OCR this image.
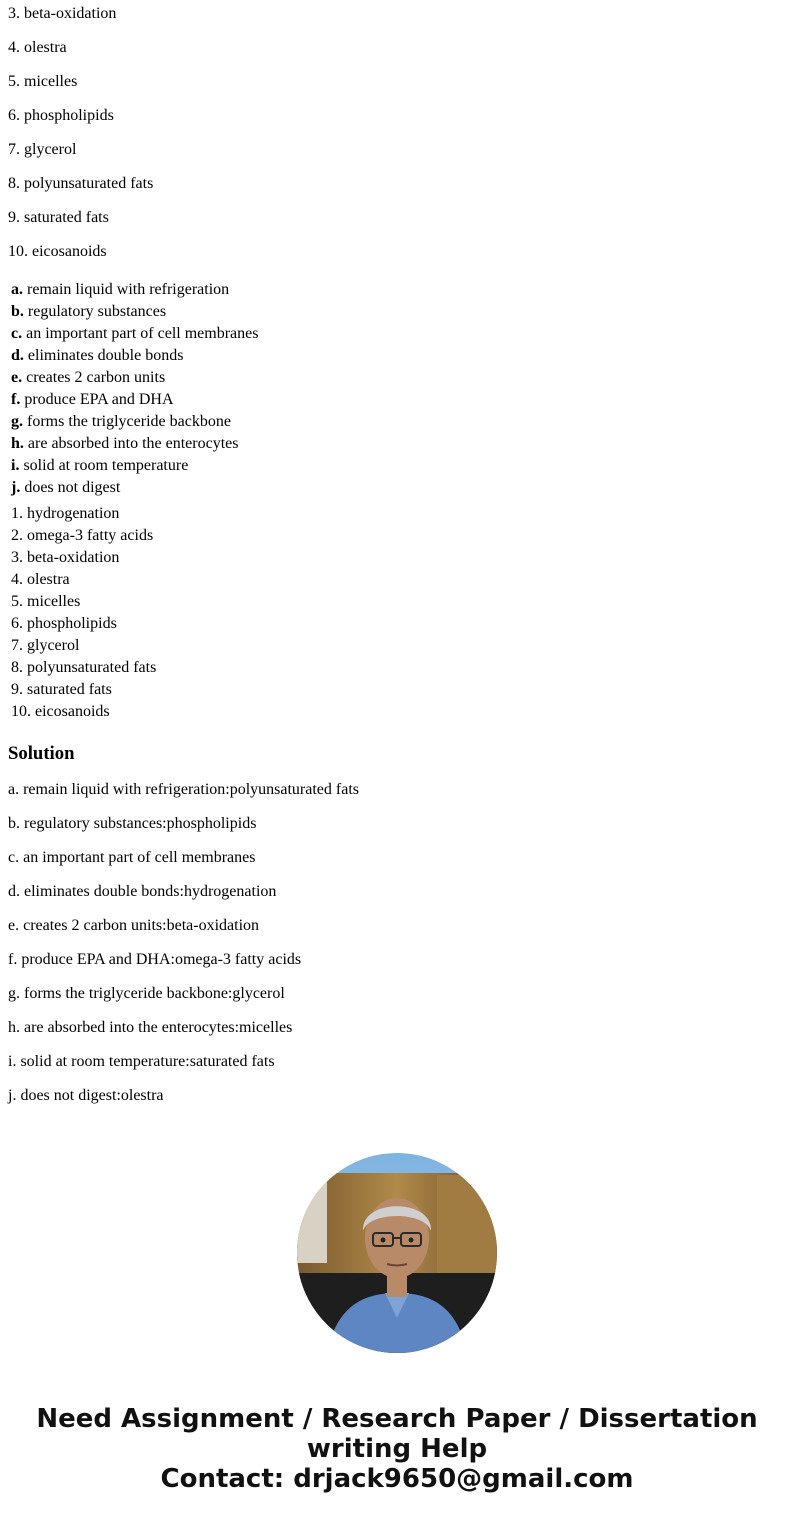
3. beta-oxidation
4. olestra
5. micelles
6. phospholipids
7. glycerol
8. polyunsaturated fats
9. saturated fats
10. eicosanoids
a. remain liquid with refrigeration
b. regulatory substances
c. an important part of cell membranes
d. eliminates double bonds
e. creates 2 carbon units
f. produce EPA and DHA
g. forms the triglyceride backbone
h. are absorbed into the enterocytes
i. solid at room temperature
j. does not digest
1. hydrogenation
2. omega-3 fatty acids
3. beta-oxidation
4. olestra
5. micelles
6. phospholipids
7. glycerol
8. polyunsaturated fats
9. saturated fats
10. eicosanoids
Solution
a. remain liquid with refrigeration:polyunsaturated fats
b. regulatory substances:phospholipids
c. an important part of cell membranes
d. eliminates double bonds:hydrogenation
e. creates 2 carbon units:beta-oxidation
f. produce EPA and DHA:omega-3 fatty acids
g. forms the triglyceride backbone:glycerol
h. are absorbed into the enterocytes:micelles
i. solid at room temperature:saturated fats
j. does not digest:olestra
Need Assignment / Research Paper / Dissertation
writing Help
Contact: drjack9650@gmail.com
